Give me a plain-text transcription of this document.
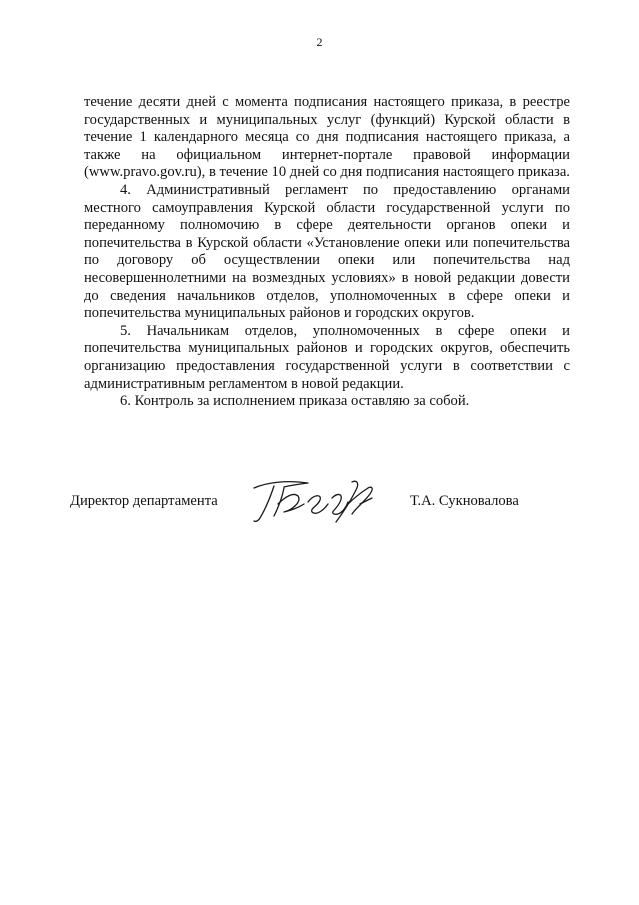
2

течение десяти дней с момента подписания настоящего приказа, в реестре государственных и муниципальных услуг (функций) Курской области в течение 1 календарного месяца со дня подписания настоящего приказа, а также на официальном интернет-портале правовой информации (www.pravo.gov.ru), в течение 10 дней со дня подписания настоящего приказа.

4. Административный регламент по предоставлению органами местного самоуправления Курской области государственной услуги по переданному полномочию в сфере деятельности органов опеки и попечительства в Курской области «Установление опеки или попечительства по договору об осуществлении опеки или попечительства над несовершеннолетними на возмездных условиях» в новой редакции довести до сведения начальников отделов, уполномоченных в сфере опеки и попечительства муниципальных районов и городских округов.

5. Начальникам отделов, уполномоченных в сфере опеки и попечительства муниципальных районов и городских округов, обеспечить организацию предоставления государственной услуги в соответствии с административным регламентом в новой редакции.

6. Контроль за исполнением приказа оставляю за собой.

Директор департамента	Т.А. Сукновалова
